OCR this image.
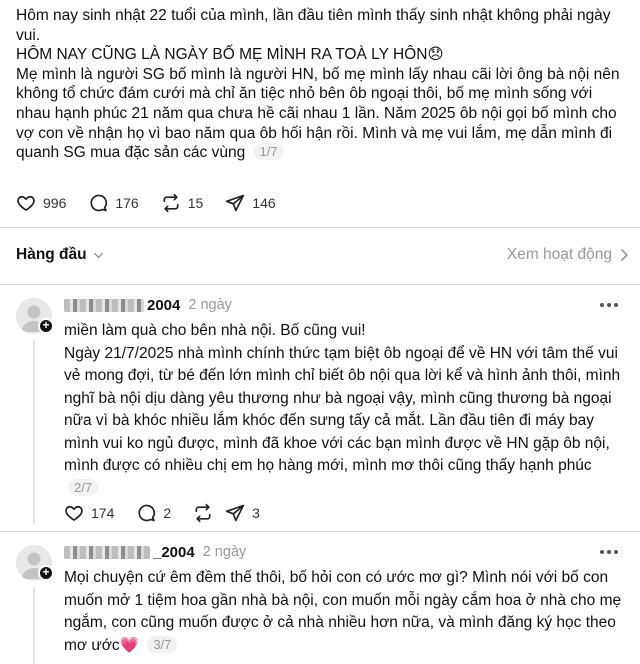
Hôm nay sinh nhật 22 tuổi của mình, lần đầu tiên mình thấy sinh nhật không phải ngày vui.
HÔM NAY CŨNG LÀ NGÀY BỐ MẸ MÌNH RA TOÀ LY HÔN😞
Mẹ mình là người SG bố mình là người HN, bố mẹ mình lấy nhau cãi lời ông bà nội nên không tổ chức đám cưới mà chỉ ăn tiệc nhỏ bên ôb ngoại thôi, bố mẹ mình sống với nhau hạnh phúc 21 năm qua chưa hề cãi nhau 1 lần. Năm 2025 ôb nội gọi bố mình cho vợ con về nhận họ vì bao năm qua ôb hối hận rồi. Mình và mẹ vui lắm, mẹ dẫn mình đi quanh SG mua đặc sản các vùng 1/7
996	176	15	146
Hàng đầu	Xem hoạt động
+
2004 2 ngày
miền làm quà cho bên nhà nội. Bố cũng vui!
Ngày 21/7/2025 nhà mình chính thức tạm biệt ôb ngoại để về HN với tâm thế vui vẻ mong đợi, từ bé đến lớn mình chỉ biết ôb nội qua lời kể và hình ảnh thôi, mình nghĩ bà nội dịu dàng yêu thương như bà ngoại vậy, mình cũng thương bà ngoại nữa vì bà khóc nhiều lắm khóc đến sưng tấy cả mắt. Lần đầu tiên đi máy bay mình vui ko ngủ được, mình đã khoe với các bạn mình được về HN gặp ôb nội, mình được có nhiều chị em họ hàng mới, mình mơ thôi cũng thấy hạnh phúc 2/7
174	2	3
+
_2004 2 ngày
Mọi chuyện cứ êm đềm thế thôi, bố hỏi con có ước mơ gì? Mình nói với bố con muốn mở 1 tiệm hoa gần nhà bà nội, con muốn mỗi ngày cắm hoa ở nhà cho mẹ ngắm, con cũng muốn được ở cả nhà nhiều hơn nữa, và mình đăng ký học theo mơ ước💗 3/7
